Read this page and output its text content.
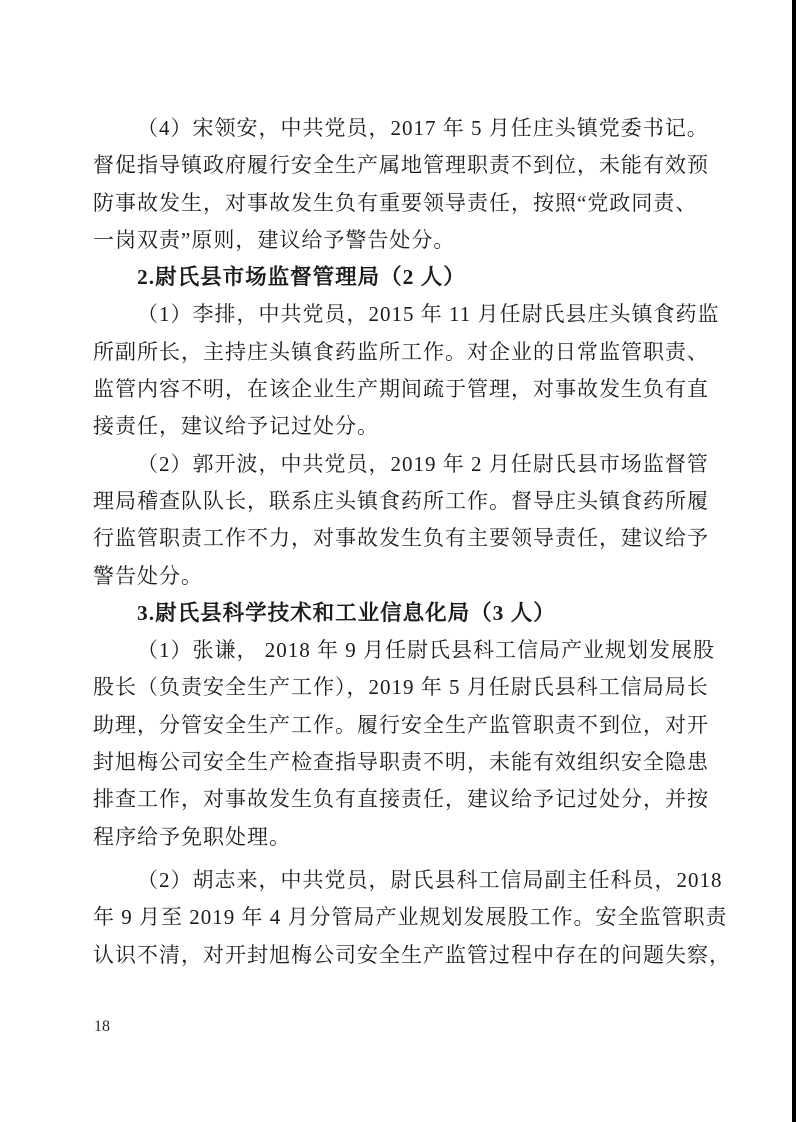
（4）宋领安，中共党员，2017 年 5 月任庄头镇党委书记。
督促指导镇政府履行安全生产属地管理职责不到位，未能有效预
防事故发生，对事故发生负有重要领导责任，按照“党政同责、
一岗双责”原则，建议给予警告处分。
2.尉氏县市场监督管理局（2 人）
（1）李排，中共党员，2015 年 11 月任尉氏县庄头镇食药监
所副所长，主持庄头镇食药监所工作。对企业的日常监管职责、
监管内容不明，在该企业生产期间疏于管理，对事故发生负有直
接责任，建议给予记过处分。
（2）郭开波，中共党员，2019 年 2 月任尉氏县市场监督管
理局稽查队队长，联系庄头镇食药所工作。督导庄头镇食药所履
行监管职责工作不力，对事故发生负有主要领导责任，建议给予
警告处分。
3.尉氏县科学技术和工业信息化局（3 人）
（1）张谦， 2018 年 9 月任尉氏县科工信局产业规划发展股
股长（负责安全生产工作），2019 年 5 月任尉氏县科工信局局长
助理，分管安全生产工作。履行安全生产监管职责不到位，对开
封旭梅公司安全生产检查指导职责不明，未能有效组织安全隐患
排查工作，对事故发生负有直接责任，建议给予记过处分，并按
程序给予免职处理。
（2）胡志来，中共党员，尉氏县科工信局副主任科员，2018
年 9 月至 2019 年 4 月分管局产业规划发展股工作。安全监管职责
认识不清，对开封旭梅公司安全生产监管过程中存在的问题失察，
18
